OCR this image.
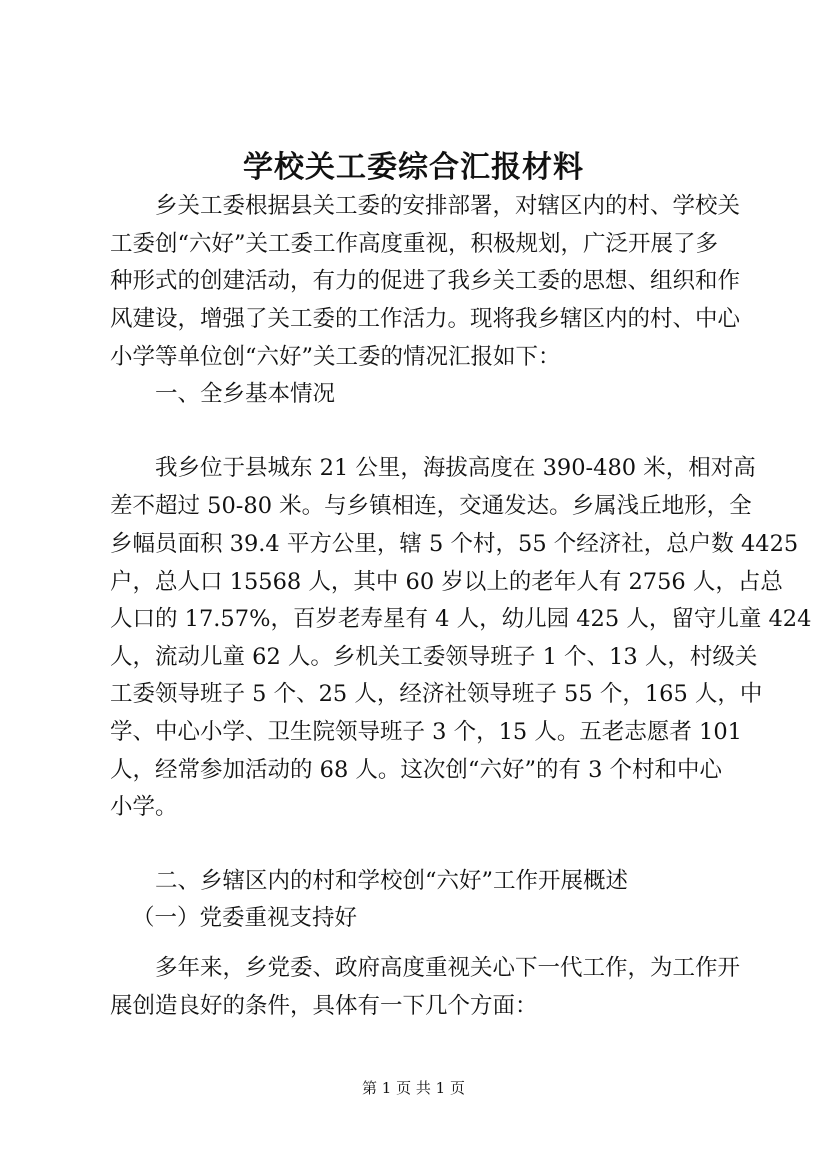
学校关工委综合汇报材料

乡关工委根据县关工委的安排部署，对辖区内的村、学校关

工委创“六好”关工委工作高度重视，积极规划，广泛开展了多

种形式的创建活动，有力的促进了我乡关工委的思想、组织和作

风建设，增强了关工委的工作活力。现将我乡辖区内的村、中心

小学等单位创“六好”关工委的情况汇报如下：

一、全乡基本情况

我乡位于县城东 21 公里，海拔高度在 390-480 米，相对高

差不超过 50-80 米。与乡镇相连，交通发达。乡属浅丘地形，全

乡幅员面积 39.4 平方公里，辖 5 个村，55 个经济社，总户数 4425

户，总人口 15568 人，其中 60 岁以上的老年人有 2756 人，占总

人口的 17.57%，百岁老寿星有 4 人，幼儿园 425 人，留守儿童 424

人，流动儿童 62 人。乡机关工委领导班子 1 个、13 人，村级关

工委领导班子 5 个、25 人，经济社领导班子 55 个，165 人，中

学、中心小学、卫生院领导班子 3 个，15 人。五老志愿者 101

人，经常参加活动的 68 人。这次创“六好”的有 3 个村和中心

小学。

二、乡辖区内的村和学校创“六好”工作开展概述

（一）党委重视支持好

多年来，乡党委、政府高度重视关心下一代工作，为工作开

展创造良好的条件，具体有一下几个方面：

第 1 页 共 1 页
